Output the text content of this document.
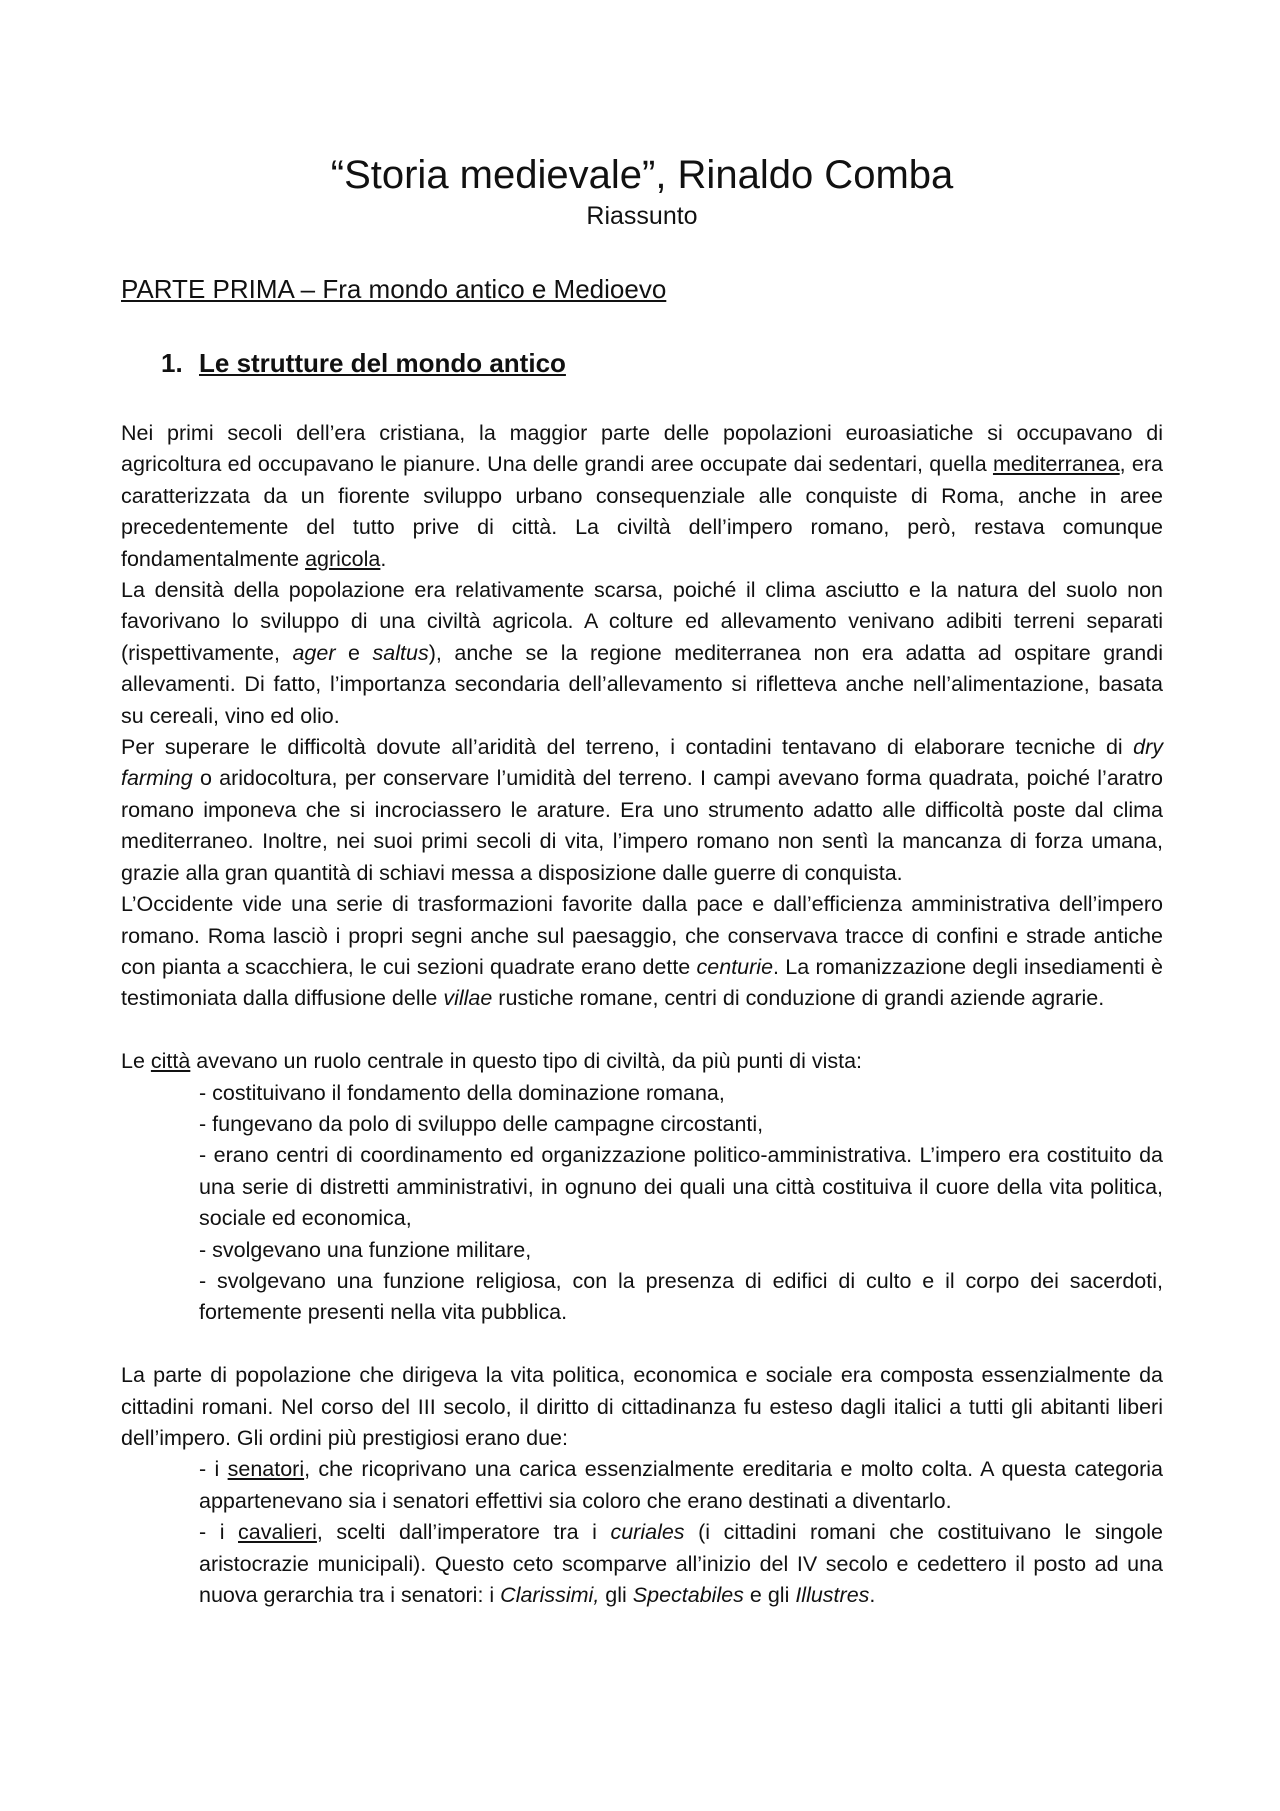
“Storia medievale”, Rinaldo Comba
Riassunto
PARTE PRIMA – Fra mondo antico e Medioevo
1. Le strutture del mondo antico

Nei primi secoli dell’era cristiana, la maggior parte delle popolazioni euroasiatiche si occupavano di agricoltura ed occupavano le pianure. Una delle grandi aree occupate dai sedentari, quella mediterranea, era caratterizzata da un fiorente sviluppo urbano consequenziale alle conquiste di Roma, anche in aree precedentemente del tutto prive di città. La civiltà dell’impero romano, però, restava comunque fondamentalmente agricola.

La densità della popolazione era relativamente scarsa, poiché il clima asciutto e la natura del suolo non favorivano lo sviluppo di una civiltà agricola. A colture ed allevamento venivano adibiti terreni separati (rispettivamente, ager e saltus), anche se la regione mediterranea non era adatta ad ospitare grandi allevamenti. Di fatto, l’importanza secondaria dell’allevamento si rifletteva anche nell’alimentazione, basata su cereali, vino ed olio.

Per superare le difficoltà dovute all’aridità del terreno, i contadini tentavano di elaborare tecniche di dry farming o aridocoltura, per conservare l’umidità del terreno. I campi avevano forma quadrata, poiché l’aratro romano imponeva che si incrociassero le arature. Era uno strumento adatto alle difficoltà poste dal clima mediterraneo. Inoltre, nei suoi primi secoli di vita, l’impero romano non sentì la mancanza di forza umana, grazie alla gran quantità di schiavi messa a disposizione dalle guerre di conquista.

L’Occidente vide una serie di trasformazioni favorite dalla pace e dall’efficienza amministrativa dell’impero romano. Roma lasciò i propri segni anche sul paesaggio, che conservava tracce di confini e strade antiche con pianta a scacchiera, le cui sezioni quadrate erano dette centurie. La romanizzazione degli insediamenti è testimoniata dalla diffusione delle villae rustiche romane, centri di conduzione di grandi aziende agrarie.

Le città avevano un ruolo centrale in questo tipo di civiltà, da più punti di vista:

- costituivano il fondamento della dominazione romana,

- fungevano da polo di sviluppo delle campagne circostanti,

- erano centri di coordinamento ed organizzazione politico-amministrativa. L’impero era costituito da una serie di distretti amministrativi, in ognuno dei quali una città costituiva il cuore della vita politica, sociale ed economica,

- svolgevano una funzione militare,

- svolgevano una funzione religiosa, con la presenza di edifici di culto e il corpo dei sacerdoti, fortemente presenti nella vita pubblica.

La parte di popolazione che dirigeva la vita politica, economica e sociale era composta essenzialmente da cittadini romani. Nel corso del III secolo, il diritto di cittadinanza fu esteso dagli italici a tutti gli abitanti liberi dell’impero. Gli ordini più prestigiosi erano due:

- i senatori, che ricoprivano una carica essenzialmente ereditaria e molto colta. A questa categoria appartenevano sia i senatori effettivi sia coloro che erano destinati a diventarlo.

- i cavalieri, scelti dall’imperatore tra i curiales (i cittadini romani che costituivano le singole aristocrazie municipali). Questo ceto scomparve all’inizio del IV secolo e cedettero il posto ad una nuova gerarchia tra i senatori: i Clarissimi, gli Spectabiles e gli Illustres.
